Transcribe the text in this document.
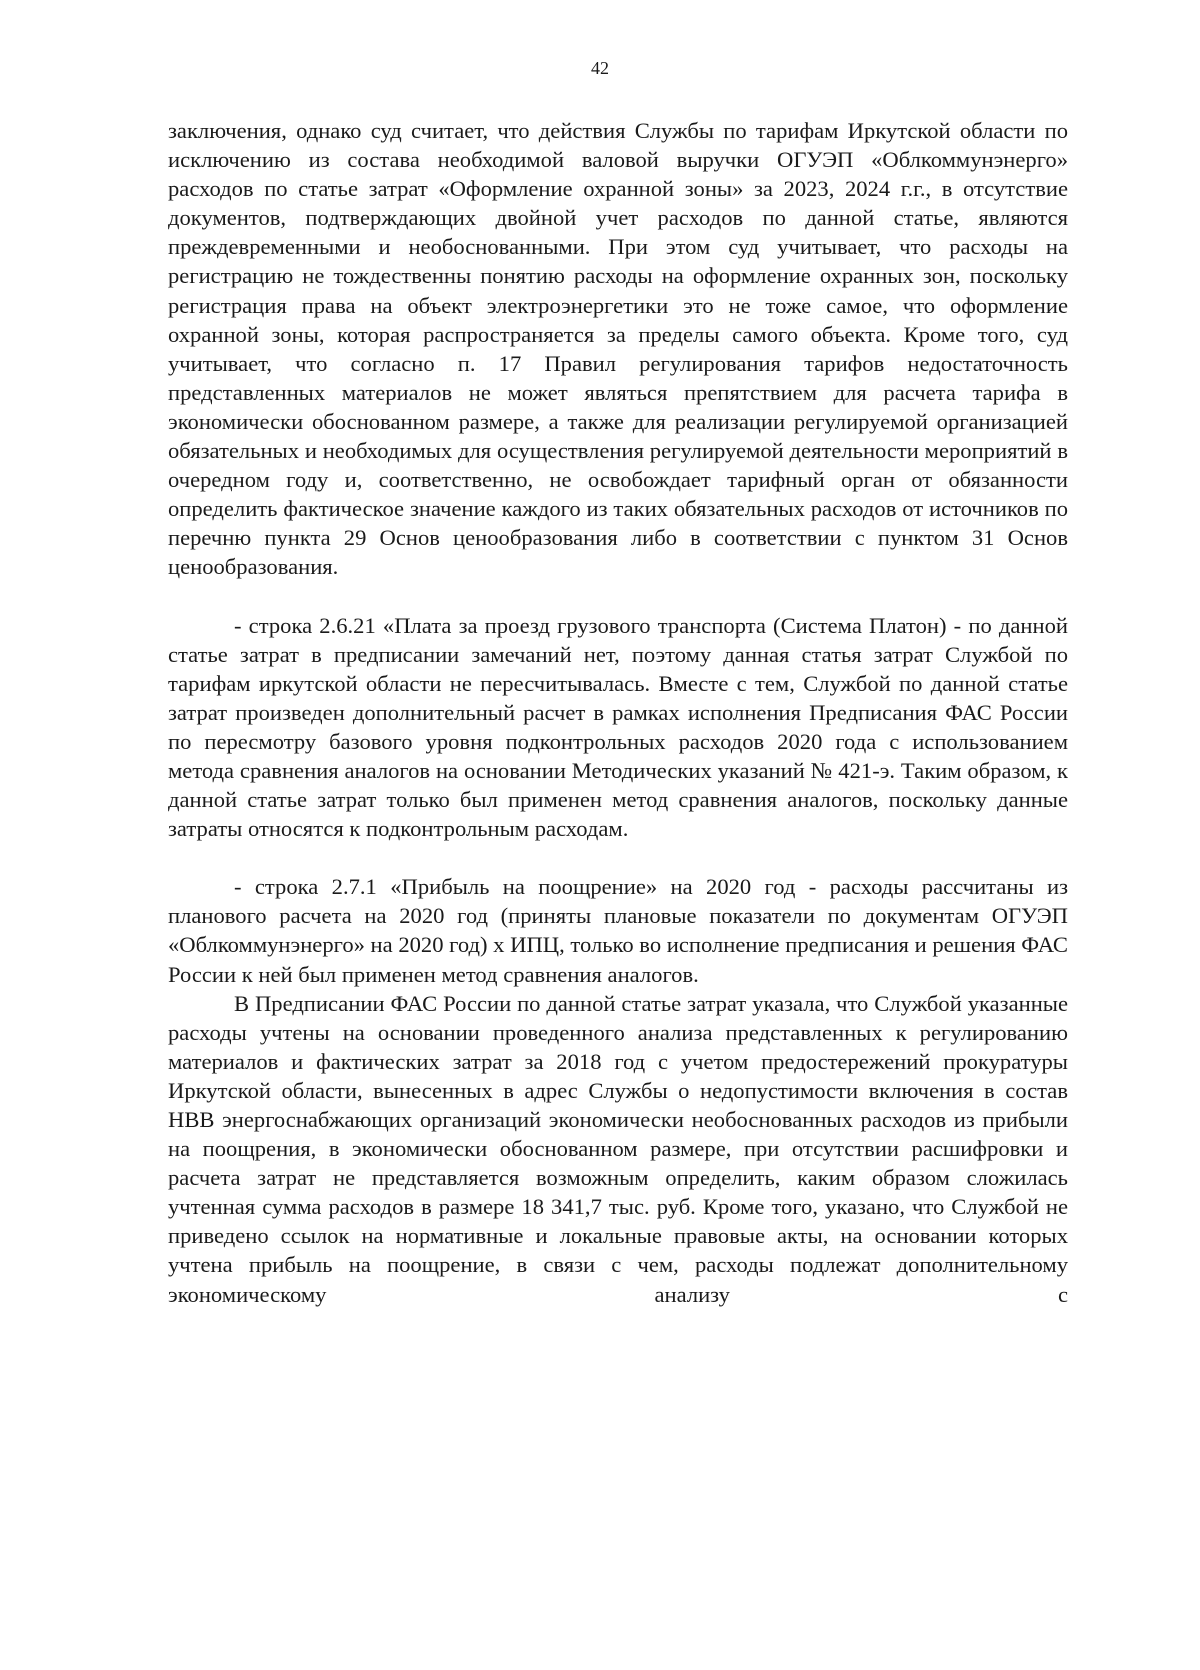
42

заключения, однако суд считает, что действия Службы по тарифам Иркутской области по исключению из состава необходимой валовой выручки ОГУЭП «Облкоммунэнерго» расходов по статье затрат «Оформление охранной зоны» за 2023, 2024 г.г., в отсутствие документов, подтверждающих двойной учет расходов по данной статье, являются преждевременными и необоснованными. При этом суд учитывает, что расходы на регистрацию не тождественны понятию расходы на оформление охранных зон, поскольку регистрация права на объект электроэнергетики это не тоже самое, что оформление охранной зоны, которая распространяется за пределы самого объекта. Кроме того, суд учитывает, что согласно п. 17 Правил регулирования тарифов недостаточность представленных материалов не может являться препятствием для расчета тарифа в экономически обоснованном размере, а также для реализации регулируемой организацией обязательных и необходимых для осуществления регулируемой деятельности мероприятий в очередном году и, соответственно, не освобождает тарифный орган от обязанности определить фактическое значение каждого из таких обязательных расходов от источников по перечню пункта 29 Основ ценообразования либо в соответствии с пунктом 31 Основ ценообразования.

- строка 2.6.21 «Плата за проезд грузового транспорта (Система Платон) - по данной статье затрат в предписании замечаний нет, поэтому данная статья затрат Службой по тарифам иркутской области не пересчитывалась. Вместе с тем, Службой по данной статье затрат произведен дополнительный расчет в рамках исполнения Предписания ФАС России по пересмотру базового уровня подконтрольных расходов 2020 года с использованием метода сравнения аналогов на основании Методических указаний № 421-э. Таким образом, к данной статье затрат только был применен метод сравнения аналогов, поскольку данные затраты относятся к подконтрольным расходам.

- строка 2.7.1 «Прибыль на поощрение» на 2020 год - расходы рассчитаны из планового расчета на 2020 год (приняты плановые показатели по документам ОГУЭП «Облкоммунэнерго» на 2020 год) х ИПЦ, только во исполнение предписания и решения ФАС России к ней был применен метод сравнения аналогов.

В Предписании ФАС России по данной статье затрат указала, что Службой указанные расходы учтены на основании проведенного анализа представленных к регулированию материалов и фактических затрат за 2018 год с учетом предостережений прокуратуры Иркутской области, вынесенных в адрес Службы о недопустимости включения в состав НВВ энергоснабжающих организаций экономически необоснованных расходов из прибыли на поощрения, в экономически обоснованном размере, при отсутствии расшифровки и расчета затрат не представляется возможным определить, каким образом сложилась учтенная сумма расходов в размере 18 341,7 тыс. руб. Кроме того, указано, что Службой не приведено ссылок на нормативные и локальные правовые акты, на основании которых учтена прибыль на поощрение, в связи с чем, расходы подлежат дополнительному экономическому анализу с
